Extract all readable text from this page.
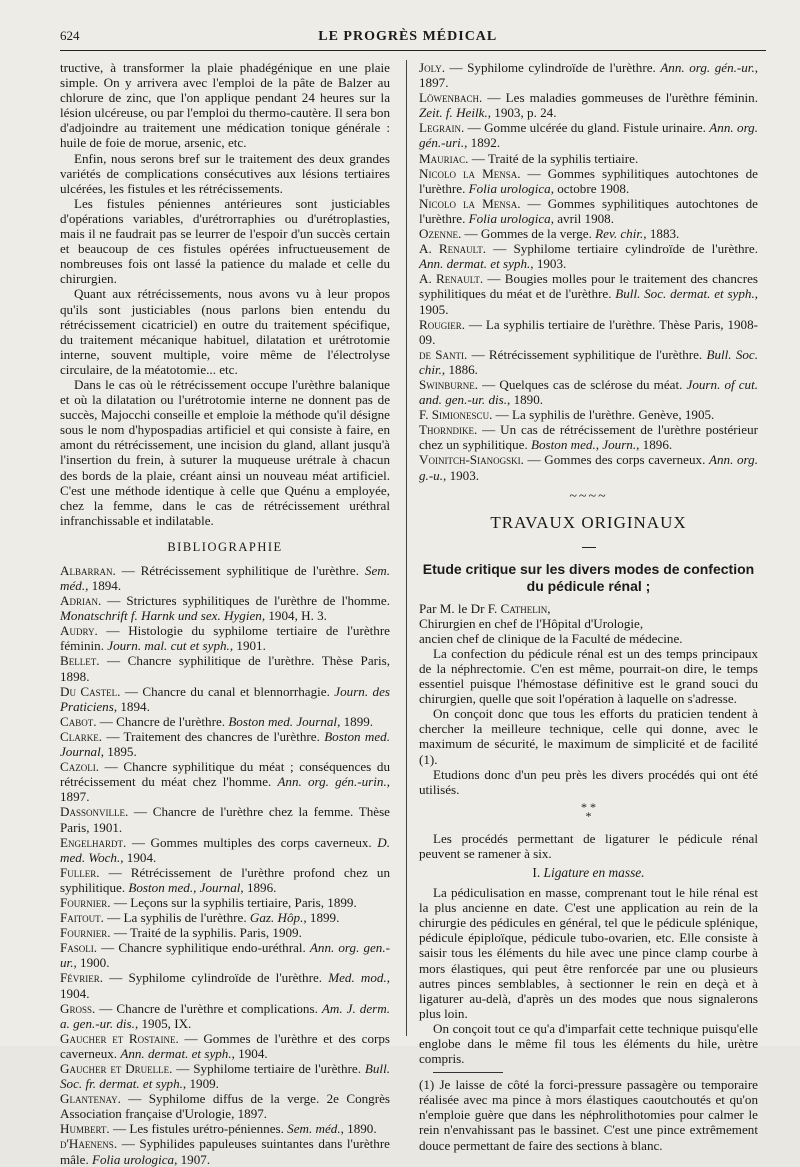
624	LE PROGRÈS MÉDICAL

tructive, à transformer la plaie phadégénique en une plaie simple. On y arrivera avec l'emploi de la pâte de Balzer au chlorure de zinc, que l'on applique pendant 24 heures sur la lésion ulcéreuse, ou par l'emploi du thermo-cautère. Il sera bon d'adjoindre au traitement une médication tonique générale : huile de foie de morue, arsenic, etc.

Enfin, nous serons bref sur le traitement des deux grandes variétés de complications consécutives aux lésions tertiaires ulcérées, les fistules et les rétrécissements.

Les fistules péniennes antérieures sont justiciables d'opérations variables, d'urétrorraphies ou d'urétroplasties, mais il ne faudrait pas se leurrer de l'espoir d'un succès certain et beaucoup de ces fistules opérées infructueusement de nombreuses fois ont lassé la patience du malade et celle du chirurgien.

Quant aux rétrécissements, nous avons vu à leur propos qu'ils sont justiciables (nous parlons bien entendu du rétrécissement cicatriciel) en outre du traitement spécifique, du traitement mécanique habituel, dilatation et urétrotomie interne, souvent multiple, voire même de l'électrolyse circulaire, de la méatotomie... etc.

Dans le cas où le rétrécissement occupe l'urèthre balanique et où la dilatation ou l'urétrotomie interne ne donnent pas de succès, Majocchi conseille et emploie la méthode qu'il désigne sous le nom d'hypospadias artificiel et qui consiste à faire, en amont du rétrécissement, une incision du gland, allant jusqu'à l'insertion du frein, à suturer la muqueuse urétrale à chacun des bords de la plaie, créant ainsi un nouveau méat artificiel. C'est une méthode identique à celle que Quénu a employée, chez la femme, dans le cas de rétrécissement uréthral infranchissable et indilatable.

BIBLIOGRAPHIE

Albarran. — Rétrécissement syphilitique de l'urèthre. Sem. méd., 1894.

Adrian. — Strictures syphilitiques de l'urèthre de l'homme. Monatschrift f. Harnk und sex. Hygien, 1904, H. 3.

Audry. — Histologie du syphilome tertiaire de l'urèthre féminin. Journ. mal. cut et syph., 1901.

Bellet. — Chancre syphilitique de l'urèthre. Thèse Paris, 1898.

Du Castel. — Chancre du canal et blennorrhagie. Journ. des Praticiens, 1894.

Cabot. — Chancre de l'urèthre. Boston med. Journal, 1899.

Clarke. — Traitement des chancres de l'urèthre. Boston med. Journal, 1895.

Cazoli. — Chancre syphilitique du méat ; conséquences du rétrécissement du méat chez l'homme. Ann. org. gén.-urin., 1897.

Dassonville. — Chancre de l'urèthre chez la femme. Thèse Paris, 1901.

Engelhardt. — Gommes multiples des corps caverneux. D. med. Woch., 1904.

Fuller. — Rétrécissement de l'urèthre profond chez un syphilitique. Boston med., Journal, 1896.

Fournier. — Leçons sur la syphilis tertiaire, Paris, 1899.

Faitout. — La syphilis de l'urèthre. Gaz. Hôp., 1899.

Fournier. — Traité de la syphilis. Paris, 1909.

Fasoli. — Chancre syphilitique endo-uréthral. Ann. org. gen.-ur., 1900.

Février. — Syphilome cylindroïde de l'urèthre. Med. mod., 1904.

Gross. — Chancre de l'urèthre et complications. Am. J. derm. a. gen.-ur. dis., 1905, IX.

Gaucher et Rostaine. — Gommes de l'urèthre et des corps caverneux. Ann. dermat. et syph., 1904.

Gaucher et Druelle. — Syphilome tertiaire de l'urèthre. Bull. Soc. fr. dermat. et syph., 1909.

Glantenay. — Syphilome diffus de la verge. 2e Congrès Association française d'Urologie, 1897.

Humbert. — Les fistules urétro-péniennes. Sem. méd., 1890.

d'Haenens. — Syphilides papuleuses suintantes dans l'urèthre mâle. Folia urologica, 1907.

Joly. — Syphilome cylindroïde de l'urèthre. Ann. org. gén.-ur., 1897.

Löwenbach. — Les maladies gommeuses de l'urèthre féminin. Zeit. f. Heilk., 1903, p. 24.

Legrain. — Gomme ulcérée du gland. Fistule urinaire. Ann. org. gén.-uri., 1892.

Mauriac. — Traité de la syphilis tertiaire.

Nicolo la Mensa. — Gommes syphilitiques autochtones de l'urèthre. Folia urologica, octobre 1908.

Nicolo la Mensa. — Gommes syphilitiques autochtones de l'urèthre. Folia urologica, avril 1908.

Ozenne. — Gommes de la verge. Rev. chir., 1883.

A. Renault. — Syphilome tertiaire cylindroïde de l'urèthre. Ann. dermat. et syph., 1903.

A. Renault. — Bougies molles pour le traitement des chancres syphilitiques du méat et de l'urèthre. Bull. Soc. dermat. et syph., 1905.

Rougier. — La syphilis tertiaire de l'urèthre. Thèse Paris, 1908-09.

de Santi. — Rétrécissement syphilitique de l'urèthre. Bull. Soc. chir., 1886.

Swinburne. — Quelques cas de sclérose du méat. Journ. of cut. and. gen.-ur. dis., 1890.

F. Simionescu. — La syphilis de l'urèthre. Genève, 1905.

Thorndike. — Un cas de rétrécissement de l'urèthre postérieur chez un syphilitique. Boston med., Journ., 1896.

Voinitch-Sianogski. — Gommes des corps caverneux. Ann. org. g.-u., 1903.

~~~~
TRAVAUX ORIGINAUX
Etude critique sur les divers modes de confection du pédicule rénal ;

Par M. le Dr F. Cathelin,

Chirurgien en chef de l'Hôpital d'Urologie,
ancien chef de clinique de la Faculté de médecine.

La confection du pédicule rénal est un des temps principaux de la néphrectomie. C'en est même, pourrait-on dire, le temps essentiel puisque l'hémostase définitive est le grand souci du chirurgien, quelle que soit l'opération à laquelle on s'adresse.

On conçoit donc que tous les efforts du praticien tendent à chercher la meilleure technique, celle qui donne, avec le maximum de sécurité, le maximum de simplicité et de facilité (1).

Etudions donc d'un peu près les divers procédés qui ont été utilisés.

* *
*

Les procédés permettant de ligaturer le pédicule rénal peuvent se ramener à six.

I. Ligature en masse.

La pédiculisation en masse, comprenant tout le hile rénal est la plus ancienne en date. C'est une application au rein de la chirurgie des pédicules en général, tel que le pédicule splénique, pédicule épiploïque, pédicule tubo-ovarien, etc. Elle consiste à saisir tous les éléments du hile avec une pince clamp courbe à mors élastiques, qui peut être renforcée par une ou plusieurs autres pinces semblables, à sectionner le rein en deçà et à ligaturer au-delà, d'après un des modes que nous signalerons plus loin.

On conçoit tout ce qu'a d'imparfait cette technique puisqu'elle englobe dans le même fil tous les éléments du hile, urètre compris.

(1) Je laisse de côté la forci-pressure passagère ou temporaire réalisée avec ma pince à mors élastiques caoutchoutés et qu'on n'emploie guère que dans les néphrolithotomies pour calmer le rein n'envahissant pas le bassinet. C'est une pince extrêmement douce permettant de faire des sections à blanc.
